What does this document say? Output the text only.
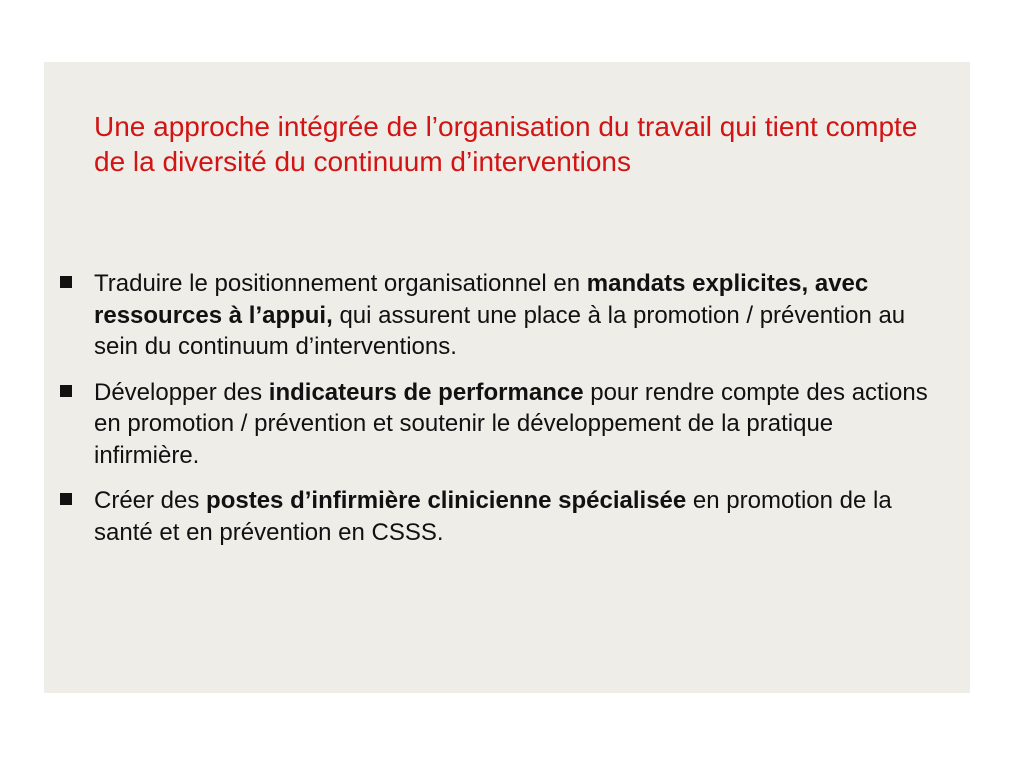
Une approche intégrée de l’organisation du travail qui tient compte de la diversité du continuum d’interventions
Traduire le positionnement organisationnel en mandats explicites, avec ressources à l’appui, qui assurent une place à la promotion / prévention au sein du continuum d’interventions.
Développer des indicateurs de performance pour rendre compte des actions en promotion / prévention et soutenir le développement de la pratique infirmière.
Créer des postes d’infirmière clinicienne spécialisée en promotion de la santé et en prévention en CSSS.
